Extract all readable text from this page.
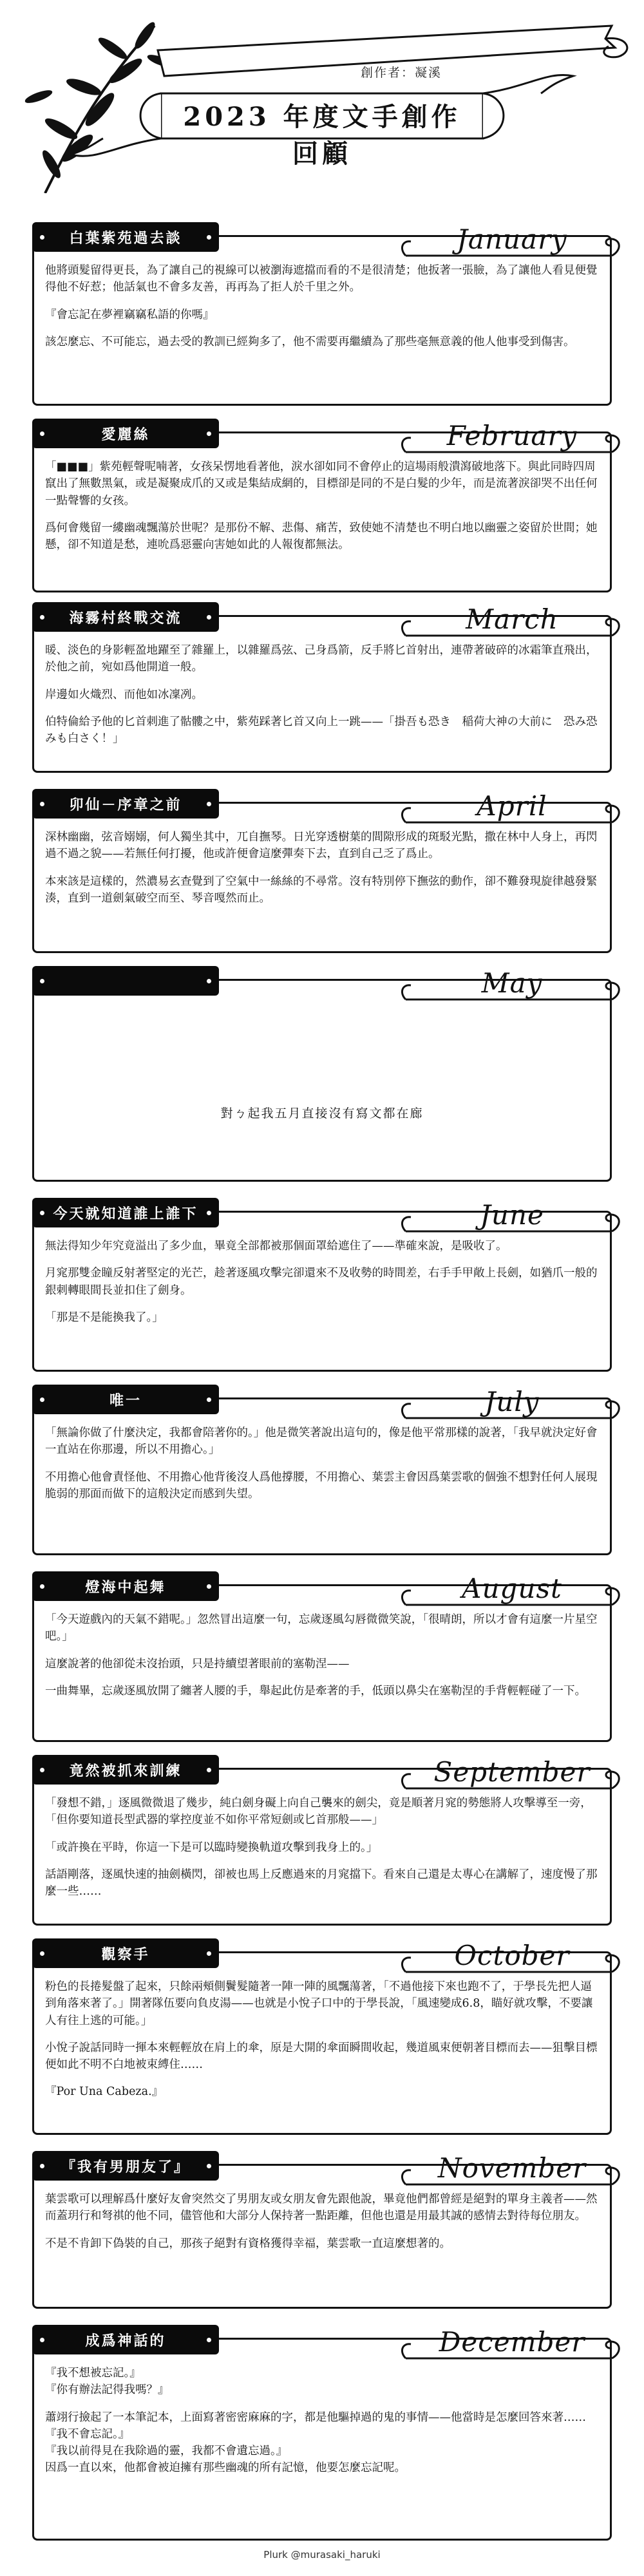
創作者：凝溪
2023 年度文手創作回顧
白葉紫苑過去談	January

他將頭髮留得更長，為了讓自己的視線可以被瀏海遮擋而看的不是很清楚；他扳著一張臉，為了讓他人看見便覺得他不好惹；他話氣也不會多友善，再再為了拒人於千里之外。

『會忘記在夢裡竊竊私語的你嗎』

該怎麼忘、不可能忘，過去受的教訓已經夠多了，他不需要再繼續為了那些毫無意義的他人他事受到傷害。

愛麗絲	February

「■■■」紫苑輕聲呢喃著，女孩呆愣地看著他，淚水卻如同不會停止的這場雨般潰瀉破地落下。與此同時四周竄出了無數黑氣，或是凝聚成爪的又或是集結成網的，目標卻是同的不是白髮的少年，而是流著淚卻哭不出任何一點聲響的女孩。

爲何會幾留一縷幽魂飄蕩於世呢？是那份不解、悲傷、痛苦，致使她不清楚也不明白地以幽靈之姿留於世間；她懸，卻不知道是愁，連吮爲惡靈向害她如此的人報復都無法。

海霧村終戰交流	March

暖、淡色的身影輕盈地躍至了雜羅上，以雜羅爲弦、己身爲箭，反手將匕首射出，連帶著破碎的冰霜筆直飛出，於他之前，宛如爲他開道一般。

岸邊如火熾烈、而他如冰凜冽。

伯特倫給予他的匕首刺進了骷髏之中，紫苑踩著匕首又向上一跳——「掛吾も恐き　稲荷大神の大前に　恐み恐みも白さく！」

卯仙－序章之前	April

深林幽幽，弦音嫋嫋，何人獨坐其中，兀自撫琴。日光穿透樹葉的間隙形成的斑駁光點，撒在林中人身上，再閃過不過之貌——若無任何打擾，他或許便會這麼彈奏下去，直到自己乏了爲止。

本來該是這樣的，然濃易玄查覺到了空氣中一絲絲的不尋常。沒有特別停下撫弦的動作，卻不難發現旋律越發緊湊，直到一道劍氣破空而至、琴音嘎然而止。

May
對ㄅ起我五月直接沒有寫文都在廊
今天就知道誰上誰下	June

無法得知少年究竟溢出了多少血，畢竟全部都被那個面罩給遮住了——準確來說，是吸收了。

月窕那雙金瞳反射著堅定的光芒，趁著逐風攻擊完卻還來不及收勢的時間差，右手手甲敞上長劍，如猶爪一般的銀刺轉眼間長並扣住了劍身。

「那是不是能換我了。」

唯一	July

「無論你做了什麼決定，我都會陪著你的。」他是微笑著說出這句的，像是他平常那樣的說著，「我早就決定好會一直站在你那邊，所以不用擔心。」

不用擔心他會責怪他、不用擔心他背後沒人爲他撐腰，不用擔心、葉雲主會因爲葉雲歌的個強不想對任何人展現脆弱的那面而做下的這般決定而感到失望。

燈海中起舞	August

「今天遊戲內的天氣不錯呢。」忽然冒出這麼一句，忘歲逐風勾唇微微笑說，「很晴朗，所以才會有這麼一片星空吧。」

這麼說著的他卻從未沒抬頭，只是持續望著眼前的塞勒涅——

一曲舞畢，忘歲逐風放開了纏著人腰的手，舉起此仿是牽著的手，低頭以鼻尖在塞勒涅的手背輕輕碰了一下。

竟然被抓來訓練	September

「發想不錯，」逐風微微退了幾步，純白劍身礙上向自己襲來的劍尖，竟是順著月窕的勢態將人攻擊導至一旁，「但你要知道長型武器的掌控度並不如你平常短劍或匕首那般——」

「或許換在平時，你這一下是可以臨時變換軌道攻擊到我身上的。」

話語剛落，逐風快速的抽劍橫閃，卻被也馬上反應過來的月窕擋下。看來自己還是太專心在講解了，速度慢了那麼一些……

觀察手	October

粉色的長捲髮盤了起來，只餘兩頰側鬢髮隨著一陣一陣的風飄蕩著，「不過他接下來也跑不了，于學長先把人逼到角落來著了。」開著隊伍要向負皮湯——也就是小悅子口中的于學長說，「風速變成6.8，瞄好就攻擊，不要讓人有往上逃的可能。」

小悅子說話同時一揮本來輕輕放在肩上的傘，原是大開的傘面瞬間收起，幾道風束便朝著目標而去——狙擊目標便如此不明不白地被束縛住……

『Por Una Cabeza.』

『我有男朋友了』	November

葉雲歌可以理解爲什麼好友會突然交了男朋友或女朋友會先跟他說，畢竟他們都曾經是絕對的單身主義者——然而蓋玥行和弩祺的他不同，儘管他和大部分人保持著一點距離，但他也還是用最其誠的感情去對待每位朋友。

不是不肯卸下偽裝的自己，那孩子絕對有資格獲得幸福，葉雲歌一直這麼想著的。

成爲神話的	December

『我不想被忘記。』
『你有辦法記得我嗎？』

蕭翊行撿起了一本筆記本，上面寫著密密麻麻的字，都是他驅掉過的鬼的事情——他當時是怎麼回答來著……
『我不會忘記。』
『我以前得見在我除過的靈，我都不會遺忘過。』
因爲一直以來，他都會被迫擁有那些幽魂的所有記憶，他要怎麼忘記呢。

Plurk @murasaki_haruki
